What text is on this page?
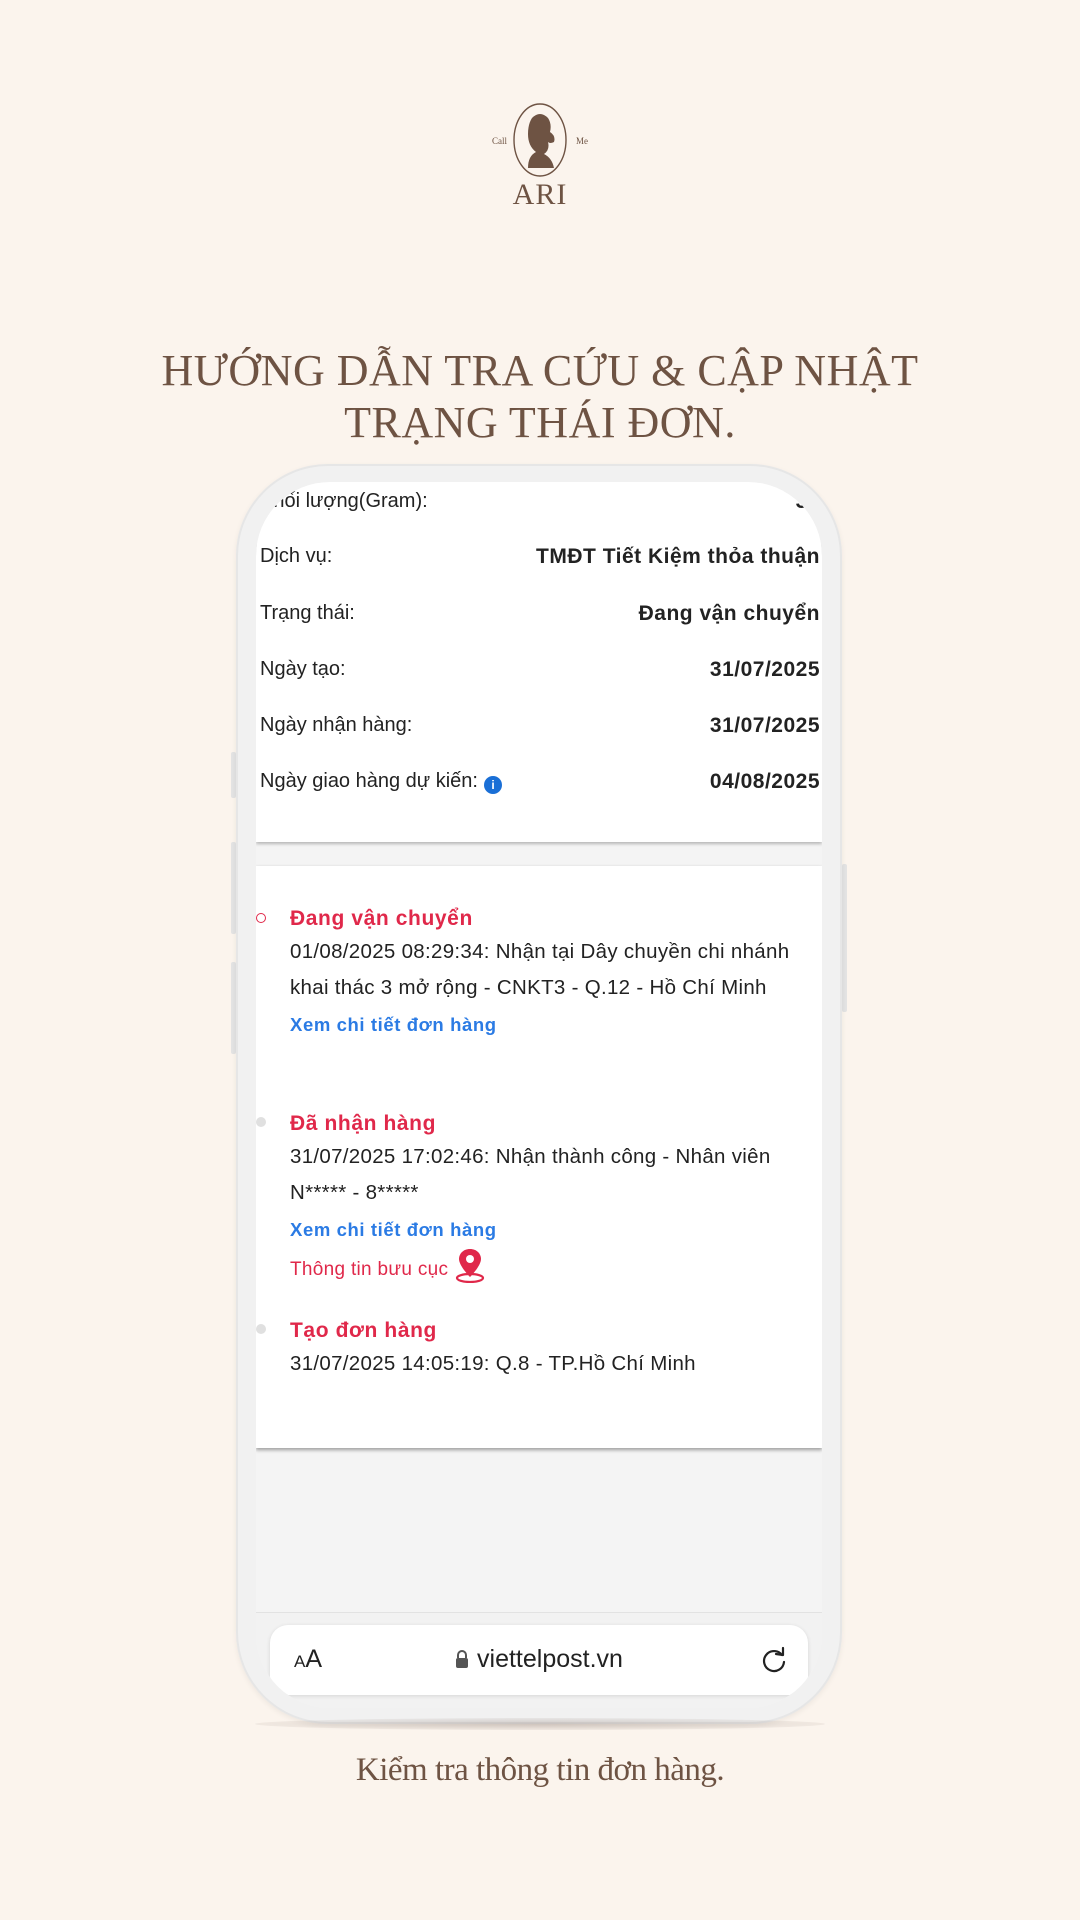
Call	Me
ARI
HƯỚNG DẪN TRA CỨU & CẬP NHẬT
TRẠNG THÁI ĐƠN.
Khối lượng(Gram):	35
Dịch vụ:	TMĐT Tiết Kiệm thỏa thuận
Trạng thái:	Đang vận chuyển
Ngày tạo:	31/07/2025
Ngày nhận hàng:	31/07/2025
Ngày giao hàng dự kiến: i	04/08/2025
Đang vận chuyển
01/08/2025 08:29:34: Nhận tại Dây chuyền chi nhánh khai thác 3 mở rộng - CNKT3 - Q.12 - Hồ Chí Minh
Xem chi tiết đơn hàng
Đã nhận hàng
31/07/2025 17:02:46: Nhận thành công - Nhân viên N***** - 8*****
Xem chi tiết đơn hàng
Thông tin bưu cục
Tạo đơn hàng
31/07/2025 14:05:19: Q.8 - TP.Hồ Chí Minh
AA	viettelpost.vn
Kiểm tra thông tin đơn hàng.
